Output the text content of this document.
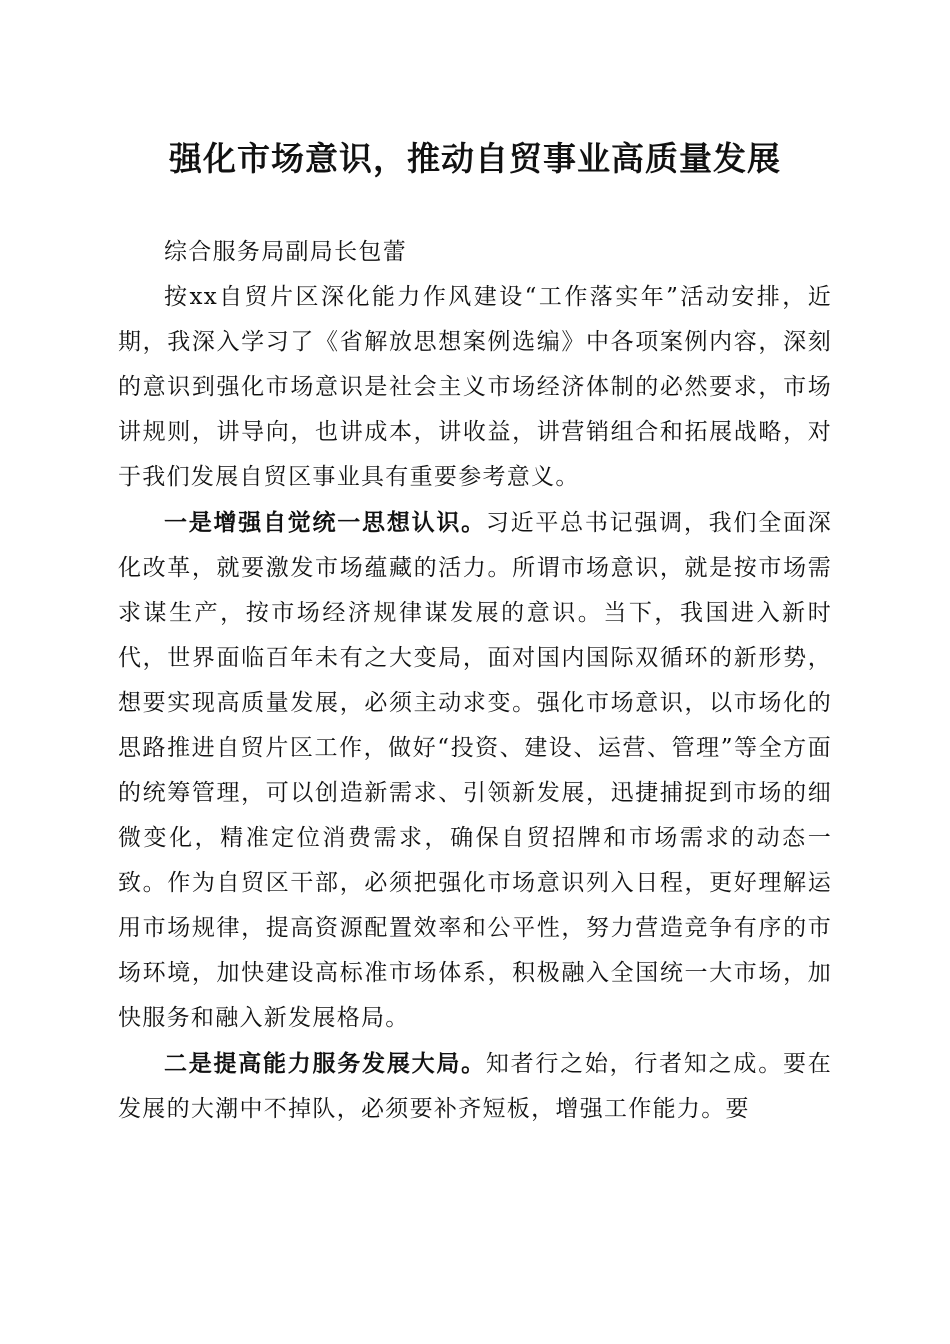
强化市场意识，推动自贸事业高质量发展

综合服务局副局长包蕾

按xx自贸片区深化能力作风建设“工作落实年”活动安排，近期，我深入学习了《省解放思想案例选编》中各项案例内容，深刻的意识到强化市场意识是社会主义市场经济体制的必然要求，市场讲规则，讲导向，也讲成本，讲收益，讲营销组合和拓展战略，对于我们发展自贸区事业具有重要参考意义。

一是增强自觉统一思想认识。习近平总书记强调，我们全面深化改革，就要激发市场蕴藏的活力。所谓市场意识，就是按市场需求谋生产，按市场经济规律谋发展的意识。当下，我国进入新时代，世界面临百年未有之大变局，面对国内国际双循环的新形势，想要实现高质量发展，必须主动求变。强化市场意识，以市场化的思路推进自贸片区工作，做好“投资、建设、运营、管理”等全方面的统筹管理，可以创造新需求、引领新发展，迅捷捕捉到市场的细微变化，精准定位消费需求，确保自贸招牌和市场需求的动态一致。作为自贸区干部，必须把强化市场意识列入日程，更好理解运用市场规律，提高资源配置效率和公平性，努力营造竞争有序的市场环境，加快建设高标准市场体系，积极融入全国统一大市场，加快服务和融入新发展格局。

二是提高能力服务发展大局。知者行之始，行者知之成。要在发展的大潮中不掉队，必须要补齐短板，增强工作能力。要
